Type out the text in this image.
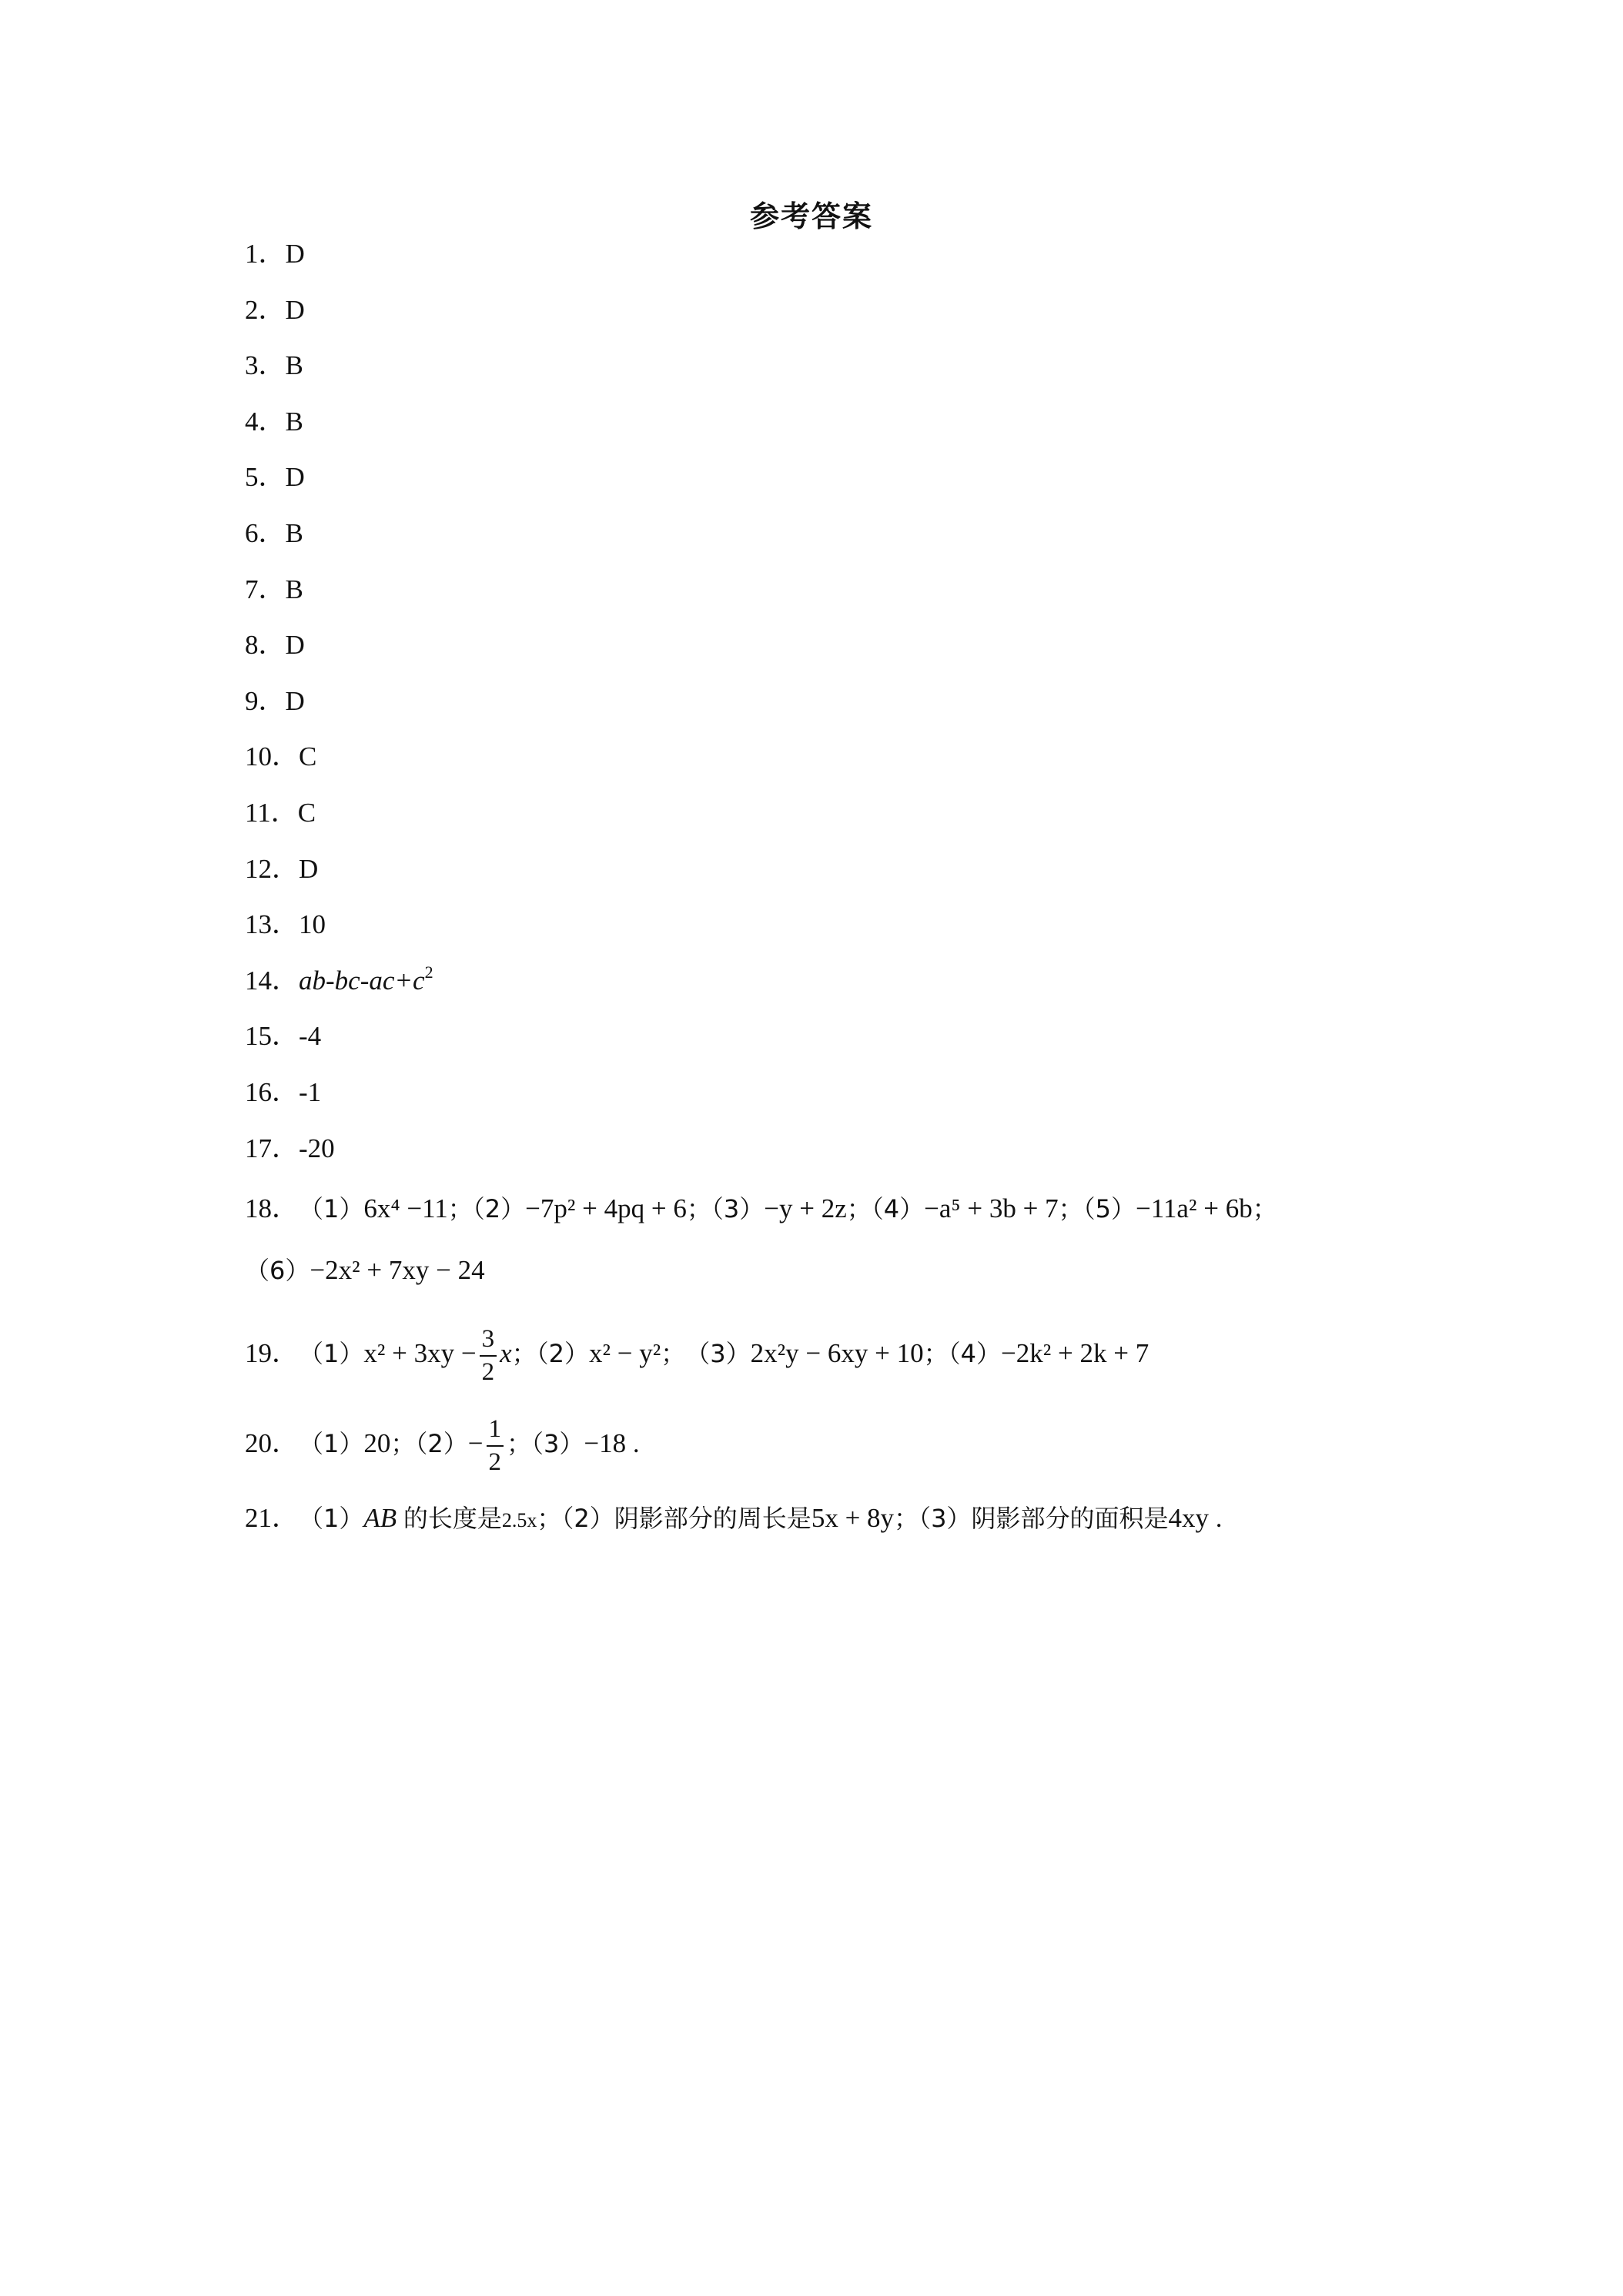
参考答案
1．D
2．D
3．B
4．B
5．D
6．B
7．B
8．D
9．D
10．C
11．C
12．D
13．10
14．$ab-bc-ac+c^2$
15．-4
16．-1
17．-20
18．（1）6x⁴ −11；（2）−7p² + 4pq + 6；（3）−y + 2z；（4）−a⁵ + 3b + 7；（5）−11a² + 6b；
（6）−2x² + 7xy − 24
19．$(1)x^2 + 3xy - \frac{3}{2}$ x；（2）x² − y²；　（3）2x²y − 6xy + 10；（4）−2k² + 2k + 7
20．（1）20；$(2)- \frac{1}{2}$ ；（3）−18 .
21．（1）AB 的长度是2.5x；（2）阴影部分的周长是5x + 8y；（3）阴影部分的面积是4xy .
